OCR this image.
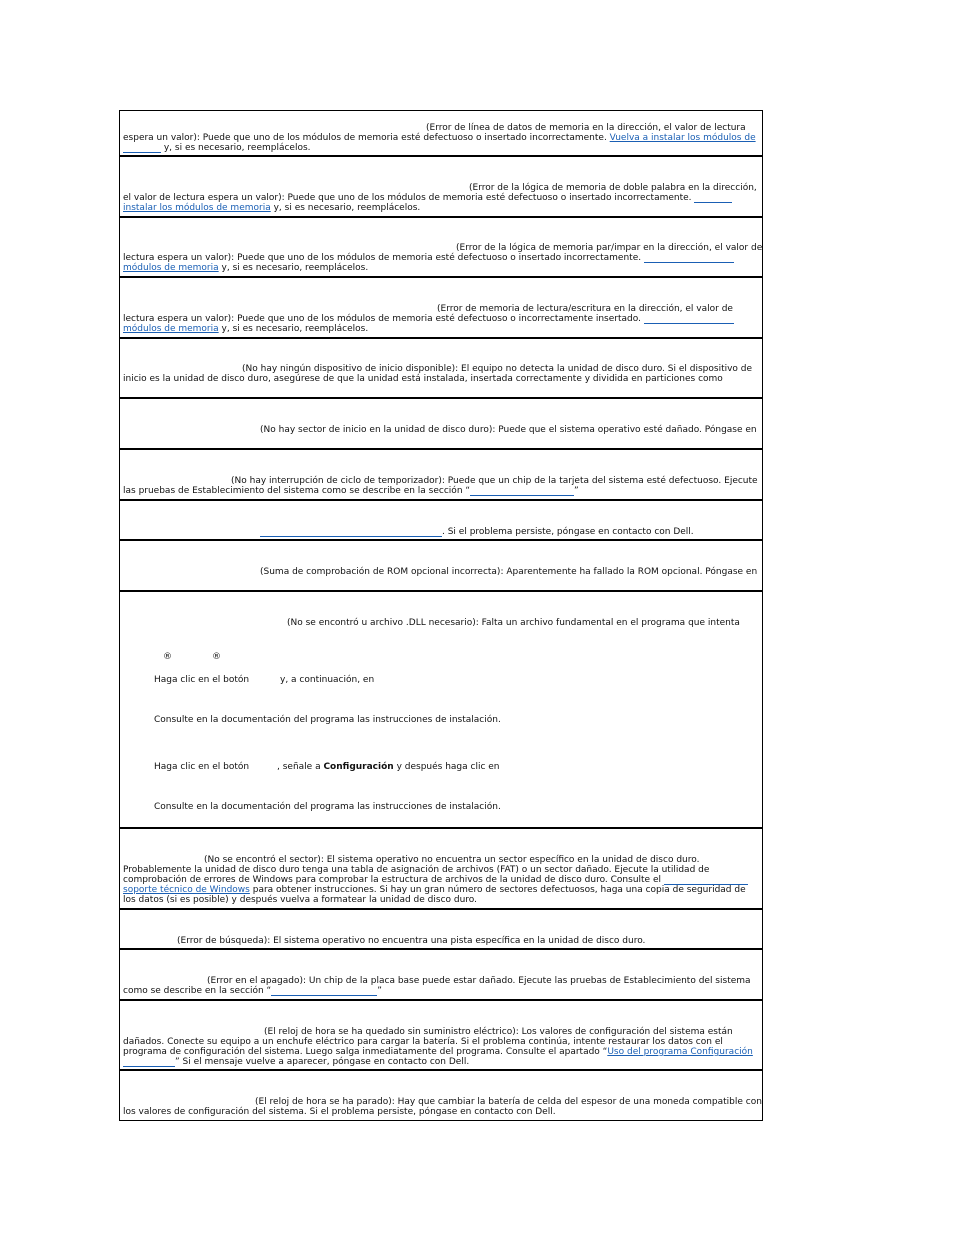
(Error de línea de datos de memoria en la dirección, el valor de lectura
espera un valor): Puede que uno de los módulos de memoria esté defectuoso o insertado incorrectamente. Vuelva a instalar los módulos de
y, si es necesario, reemplácelos.
(Error de la lógica de memoria de doble palabra en la dirección,
el valor de lectura espera un valor): Puede que uno de los módulos de memoria esté defectuoso o insertado incorrectamente.
instalar los módulos de memoria y, si es necesario, reemplácelos.
(Error de la lógica de memoria par/impar en la dirección, el valor de
lectura espera un valor): Puede que uno de los módulos de memoria esté defectuoso o insertado incorrectamente.
módulos de memoria y, si es necesario, reemplácelos.
(Error de memoria de lectura/escritura en la dirección, el valor de
lectura espera un valor): Puede que uno de los módulos de memoria esté defectuoso o incorrectamente insertado.
módulos de memoria y, si es necesario, reemplácelos.
(No hay ningún dispositivo de inicio disponible): El equipo no detecta la unidad de disco duro. Si el dispositivo de
inicio es la unidad de disco duro, asegúrese de que la unidad está instalada, insertada correctamente y dividida en particiones como
(No hay sector de inicio en la unidad de disco duro): Puede que el sistema operativo esté dañado. Póngase en
(No hay interrupción de ciclo de temporizador): Puede que un chip de la tarjeta del sistema esté defectuoso. Ejecute
las pruebas de Establecimiento del sistema como se describe en la sección “	”
. Si el problema persiste, póngase en contacto con Dell.
(Suma de comprobación de ROM opcional incorrecta): Aparentemente ha fallado la ROM opcional. Póngase en
(No se encontró u archivo .DLL necesario): Falta un archivo fundamental en el programa que intenta
®	®
Haga clic en el botón	y, a continuación, en
Consulte en la documentación del programa las instrucciones de instalación.
Haga clic en el botón	, señale a Configuración y después haga clic en
Consulte en la documentación del programa las instrucciones de instalación.
(No se encontró el sector): El sistema operativo no encuentra un sector específico en la unidad de disco duro.
Probablemente la unidad de disco duro tenga una tabla de asignación de archivos (FAT) o un sector dañado. Ejecute la utilidad de
comprobación de errores de Windows para comprobar la estructura de archivos de la unidad de disco duro. Consulte el
soporte técnico de Windows para obtener instrucciones. Si hay un gran número de sectores defectuosos, haga una copia de seguridad de
los datos (si es posible) y después vuelva a formatear la unidad de disco duro.
(Error de búsqueda): El sistema operativo no encuentra una pista específica en la unidad de disco duro.
(Error en el apagado): Un chip de la placa base puede estar dañado. Ejecute las pruebas de Establecimiento del sistema
como se describe en la sección “	”
(El reloj de hora se ha quedado sin suministro eléctrico): Los valores de configuración del sistema están
dañados. Conecte su equipo a un enchufe eléctrico para cargar la batería. Si el problema continúa, intente restaurar los datos con el
programa de configuración del sistema. Luego salga inmediatamente del programa. Consulte el apartado “Uso del programa Configuración
” Si el mensaje vuelve a aparecer, póngase en contacto con Dell.
(El reloj de hora se ha parado): Hay que cambiar la batería de celda del espesor de una moneda compatible con
los valores de configuración del sistema. Si el problema persiste, póngase en contacto con Dell.
